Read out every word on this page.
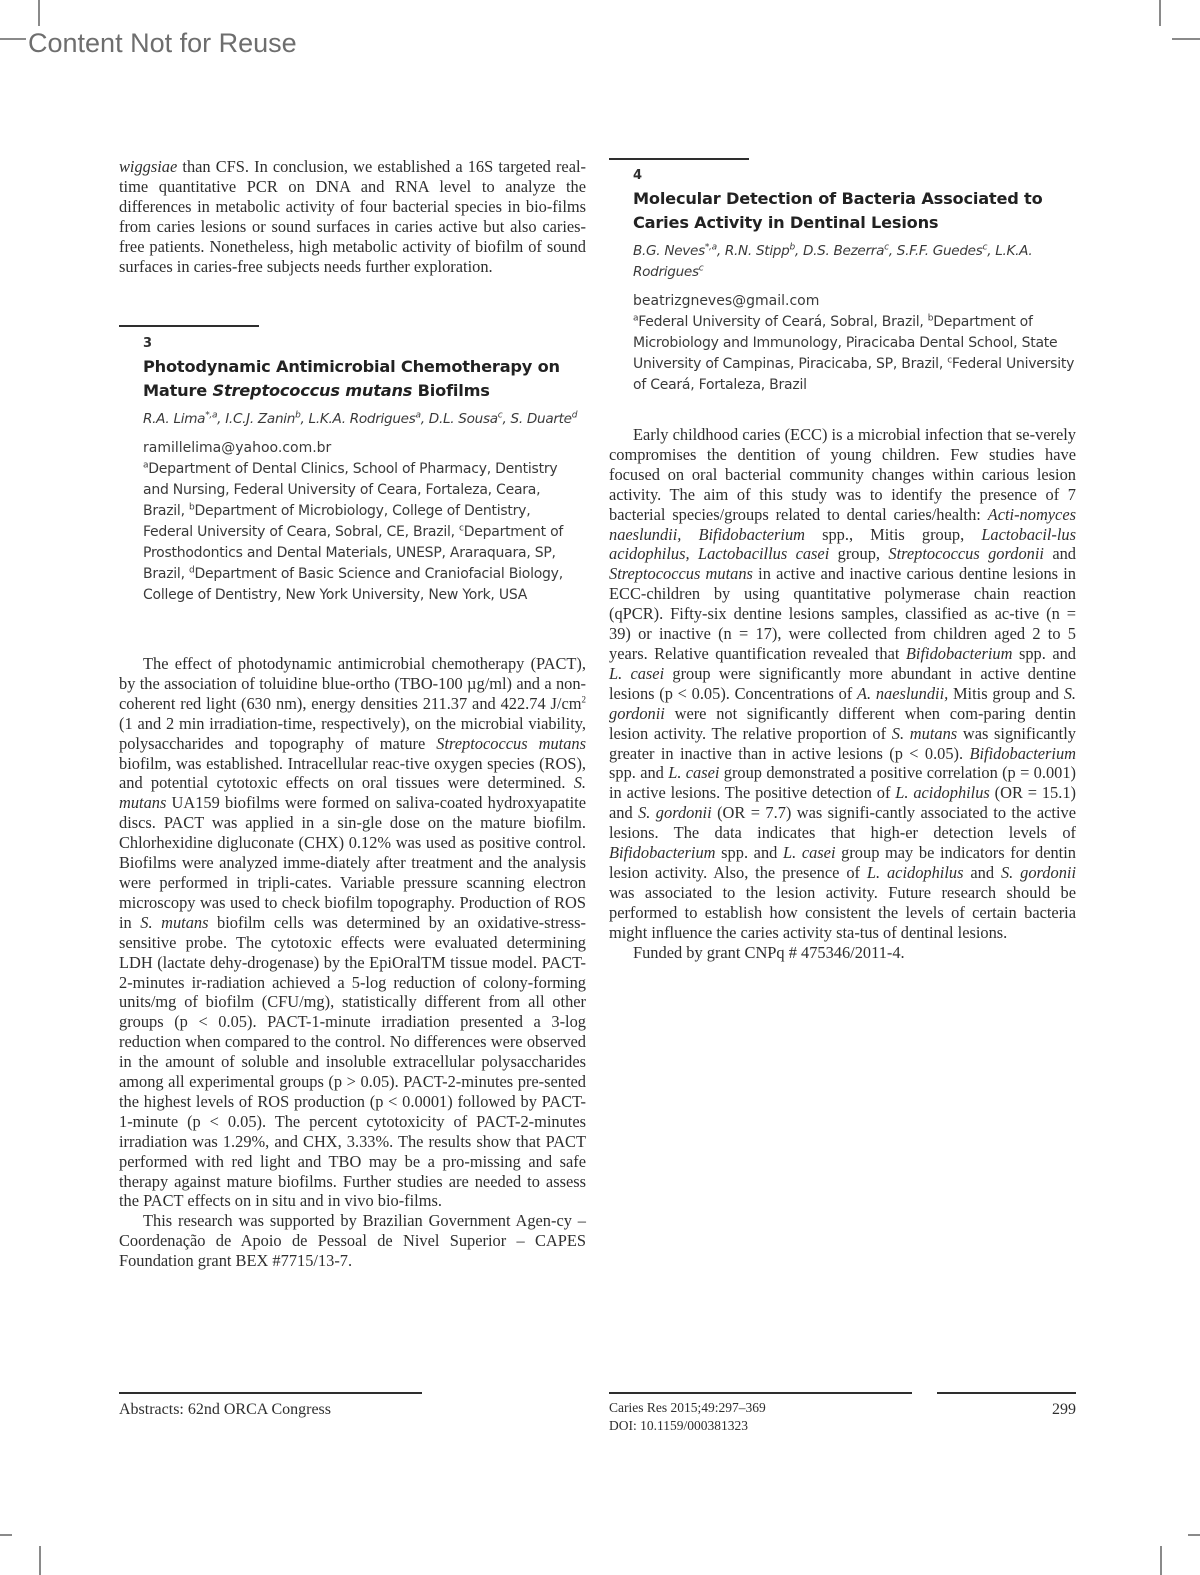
Content Not for Reuse

wiggsiae than CFS. In conclusion, we established a 16S targeted real-time quantitative PCR on DNA and RNA level to analyze the differences in metabolic activity of four bacterial species in bio-films from caries lesions or sound surfaces in caries active but also caries-free patients. Nonetheless, high metabolic activity of biofilm of sound surfaces in caries-free subjects needs further exploration.

3
Photodynamic Antimicrobial Chemotherapy on Mature Streptococcus mutans Biofilms
R.A. Lima$^{*,a}$, I.C.J. Zanin$^b$, L.K.A. Rodrigues$^a$, D.L. Sousa$^c$, S. Duarte$^d$
ramillelima@yahoo.com.br
$^a$Department of Dental Clinics, School of Pharmacy, Dentistry and Nursing, Federal University of Ceara, Fortaleza, Ceara, Brazil, $^b$Department of Microbiology, College of Dentistry, Federal University of Ceara, Sobral, CE, Brazil, $^c$Department of Prosthodontics and Dental Materials, UNESP, Araraquara, SP, Brazil, $^d$Department of Basic Science and Craniofacial Biology, College of Dentistry, New York University, New York, USA

The effect of photodynamic antimicrobial chemotherapy (PACT), by the association of toluidine blue-ortho (TBO-100 µg/ml) and a non-coherent red light (630 nm), energy densities 211.37 and 422.74 $J/cm^2$ (1 and 2 min irradiation-time, respectively), on the microbial viability, polysaccharides and topography of mature Streptococcus mutans biofilm, was established. Intracellular reac-tive oxygen species (ROS), and potential cytotoxic effects on oral tissues were determined. S. mutans UA159 biofilms were formed on saliva-coated hydroxyapatite discs. PACT was applied in a sin-gle dose on the mature biofilm. Chlorhexidine digluconate (CHX) 0.12% was used as positive control. Biofilms were analyzed imme-diately after treatment and the analysis were performed in tripli-cates. Variable pressure scanning electron microscopy was used to check biofilm topography. Production of ROS in S. mutans biofilm cells was determined by an oxidative-stress-sensitive probe. The cytotoxic effects were evaluated determining LDH (lactate dehy-drogenase) by the EpiOralTM tissue model. PACT-2-minutes ir-radiation achieved a 5-log reduction of colony-forming units/mg of biofilm (CFU/mg), statistically different from all other groups (p < 0.05). PACT-1-minute irradiation presented a 3-log reduction when compared to the control. No differences were observed in the amount of soluble and insoluble extracellular polysaccharides among all experimental groups (p > 0.05). PACT-2-minutes pre-sented the highest levels of ROS production (p < 0.0001) followed by PACT-1-minute (p < 0.05). The percent cytotoxicity of PACT-2-minutes irradiation was 1.29%, and CHX, 3.33%. The results show that PACT performed with red light and TBO may be a pro-missing and safe therapy against mature biofilms. Further studies are needed to assess the PACT effects on in situ and in vivo bio-films.

This research was supported by Brazilian Government Agen-cy – Coordenação de Apoio de Pessoal de Nivel Superior – CAPES Foundation grant BEX #7715/13-7.

4
Molecular Detection of Bacteria Associated to Caries Activity in Dentinal Lesions
B.G. Neves$^{*,a}$, R.N. Stipp$^b$, D.S. Bezerra$^c$, S.F.F. Guedes$^c$, L.K.A. Rodrigues$^c$
beatrizgneves@gmail.com
$^a$Federal University of Ceará, Sobral, Brazil, $^b$Department of Microbiology and Immunology, Piracicaba Dental School, State University of Campinas, Piracicaba, SP, Brazil, $^c$Federal University of Ceará, Fortaleza, Brazil

Early childhood caries (ECC) is a microbial infection that se-verely compromises the dentition of young children. Few studies have focused on oral bacterial community changes within carious lesion activity. The aim of this study was to identify the presence of 7 bacterial species/groups related to dental caries/health: Acti-nomyces naeslundii, Bifidobacterium spp., Mitis group, Lactobacil-lus acidophilus, Lactobacillus casei group, Streptococcus gordonii and Streptococcus mutans in active and inactive carious dentine lesions in ECC-children by using quantitative polymerase chain reaction (qPCR). Fifty-six dentine lesions samples, classified as ac-tive (n = 39) or inactive (n = 17), were collected from children aged 2 to 5 years. Relative quantification revealed that Bifidobacterium spp. and L. casei group were significantly more abundant in active dentine lesions (p < 0.05). Concentrations of A. naeslundii, Mitis group and S. gordonii were not significantly different when com-paring dentin lesion activity. The relative proportion of S. mutans was significantly greater in inactive than in active lesions (p < 0.05). Bifidobacterium spp. and L. casei group demonstrated a positive correlation (p = 0.001) in active lesions. The positive detection of L. acidophilus (OR = 15.1) and S. gordonii (OR = 7.7) was signifi-cantly associated to the active lesions. The data indicates that high-er detection levels of Bifidobacterium spp. and L. casei group may be indicators for dentin lesion activity. Also, the presence of L. acidophilus and S. gordonii was associated to the lesion activity. Future research should be performed to establish how consistent the levels of certain bacteria might influence the caries activity sta-tus of dentinal lesions.

Funded by grant CNPq # 475346/2011-4.

Abstracts: 62nd ORCA Congress	Caries Res 2015;49:297–369
DOI: 10.1159/000381323
299
